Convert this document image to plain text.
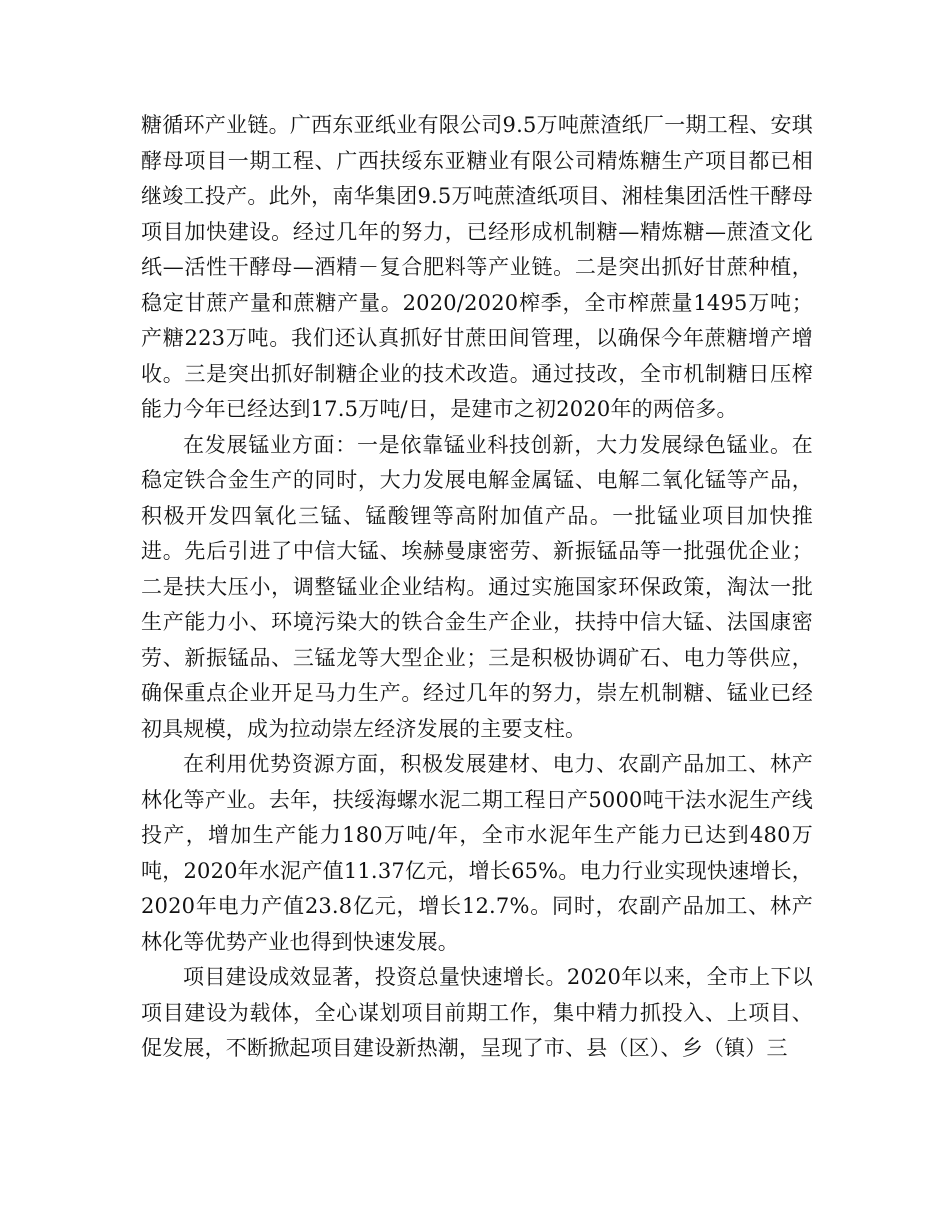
糖循环产业链。广西东亚纸业有限公司9.5万吨蔗渣纸厂一期工程、安琪酵母项目一期工程、广西扶绥东亚糖业有限公司精炼糖生产项目都已相继竣工投产。此外，南华集团9.5万吨蔗渣纸项目、湘桂集团活性干酵母项目加快建设。经过几年的努力，已经形成机制糖—精炼糖—蔗渣文化纸—活性干酵母—酒精－复合肥料等产业链。二是突出抓好甘蔗种植，稳定甘蔗产量和蔗糖产量。2020/2020榨季，全市榨蔗量1495万吨；产糖223万吨。我们还认真抓好甘蔗田间管理，以确保今年蔗糖增产增收。三是突出抓好制糖企业的技术改造。通过技改，全市机制糖日压榨能力今年已经达到17.5万吨/日，是建市之初2020年的两倍多。

在发展锰业方面：一是依靠锰业科技创新，大力发展绿色锰业。在稳定铁合金生产的同时，大力发展电解金属锰、电解二氧化锰等产品，积极开发四氧化三锰、锰酸锂等高附加值产品。一批锰业项目加快推进。先后引进了中信大锰、埃赫曼康密劳、新振锰品等一批强优企业；二是扶大压小，调整锰业企业结构。通过实施国家环保政策，淘汰一批生产能力小、环境污染大的铁合金生产企业，扶持中信大锰、法国康密劳、新振锰品、三锰龙等大型企业；三是积极协调矿石、电力等供应，确保重点企业开足马力生产。经过几年的努力，崇左机制糖、锰业已经初具规模，成为拉动崇左经济发展的主要支柱。

在利用优势资源方面，积极发展建材、电力、农副产品加工、林产林化等产业。去年，扶绥海螺水泥二期工程日产5000吨干法水泥生产线投产，增加生产能力180万吨/年，全市水泥年生产能力已达到480万吨，2020年水泥产值11.37亿元，增长65%。电力行业实现快速增长，2020年电力产值23.8亿元，增长12.7%。同时，农副产品加工、林产林化等优势产业也得到快速发展。

项目建设成效显著，投资总量快速增长。2020年以来，全市上下以项目建设为载体，全心谋划项目前期工作，集中精力抓投入、上项目、促发展，不断掀起项目建设新热潮，呈现了市、县（区）、乡（镇）三
